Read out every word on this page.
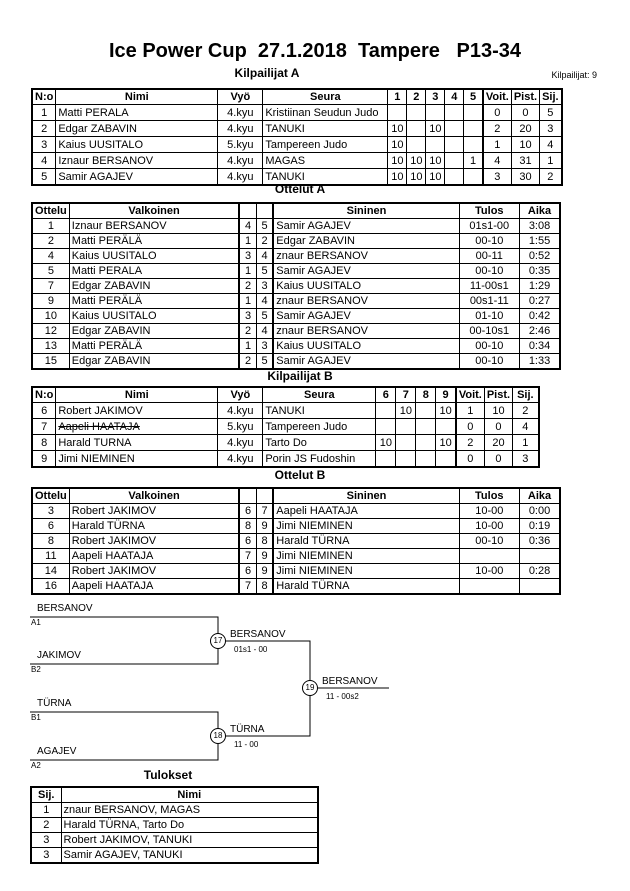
Ice Power Cup  27.1.2018  Tampere   P13-34
Kilpailijat A	Kilpailijat: 9
N:o	Nimi	Vyö	Seura	1	2	3	4	5	Voit.	Pist.	Sij.
1	Matti PERALA	4.kyu	Kristiinan Seudun Judo						0	0	5
2	Edgar ZABAVIN	4.kyu	TANUKI	10		10			2	20	3
3	Kaius UUSITALO	5.kyu	Tampereen Judo	10					1	10	4
4	Iznaur BERSANOV	4.kyu	MAGAS	10	10	10		1	4	31	1
5	Samir AGAJEV	4.kyu	TANUKI	10	10	10			3	30	2
Ottelut A
Ottelu	Valkoinen			Sininen	Tulos	Aika
1	Iznaur BERSANOV	4	5	Samir AGAJEV	01s1-00	3:08
2	Matti PERÄLÄ	1	2	Edgar ZABAVIN	00-10	1:55
4	Kaius UUSITALO	3	4	znaur BERSANOV	00-11	0:52
5	Matti PERALA	1	5	Samir AGAJEV	00-10	0:35
7	Edgar ZABAVIN	2	3	Kaius UUSITALO	11-00s1	1:29
9	Matti PERÄLÄ	1	4	znaur BERSANOV	00s1-11	0:27
10	Kaius UUSITALO	3	5	Samir AGAJEV	01-10	0:42
12	Edgar ZABAVIN	2	4	znaur BERSANOV	00-10s1	2:46
13	Matti PERÄLÄ	1	3	Kaius UUSITALO	00-10	0:34
15	Edgar ZABAVIN	2	5	Samir AGAJEV	00-10	1:33
Kilpailijat B
N:o	Nimi	Vyö	Seura	6	7	8	9	Voit.	Pist.	Sij.
6	Robert JAKIMOV	4.kyu	TANUKI		10		10	1	10	2
7	Aapeli HAATAJA	5.kyu	Tampereen Judo					0	0	4
8	Harald TURNA	4.kyu	Tarto Do	10			10	2	20	1
9	Jimi NIEMINEN	4.kyu	Porin JS Fudoshin					0	0	3
Ottelut B
Ottelu	Valkoinen			Sininen	Tulos	Aika
3	Robert JAKIMOV	6	7	Aapeli HAATAJA	10-00	0:00
6	Harald TÜRNA	8	9	Jimi NIEMINEN	10-00	0:19
8	Robert JAKIMOV	6	8	Harald TÜRNA	00-10	0:36
11	Aapeli HAATAJA	7	9	Jimi NIEMINEN		
14	Robert JAKIMOV	6	9	Jimi NIEMINEN	10-00	0:28
16	Aapeli HAATAJA	7	8	Harald TÜRNA		
BERSANOV
A1
JAKIMOV
B2
TÜRNA
B1
AGAJEV
A2
17
BERSANOV
01s1 - 00
18
TÜRNA
11 - 00
19
BERSANOV
11 - 00s2
Tulokset
Sij.	Nimi
1	znaur BERSANOV, MAGAS
2	Harald TÜRNA, Tarto Do
3	Robert JAKIMOV, TANUKI
3	Samir AGAJEV, TANUKI
